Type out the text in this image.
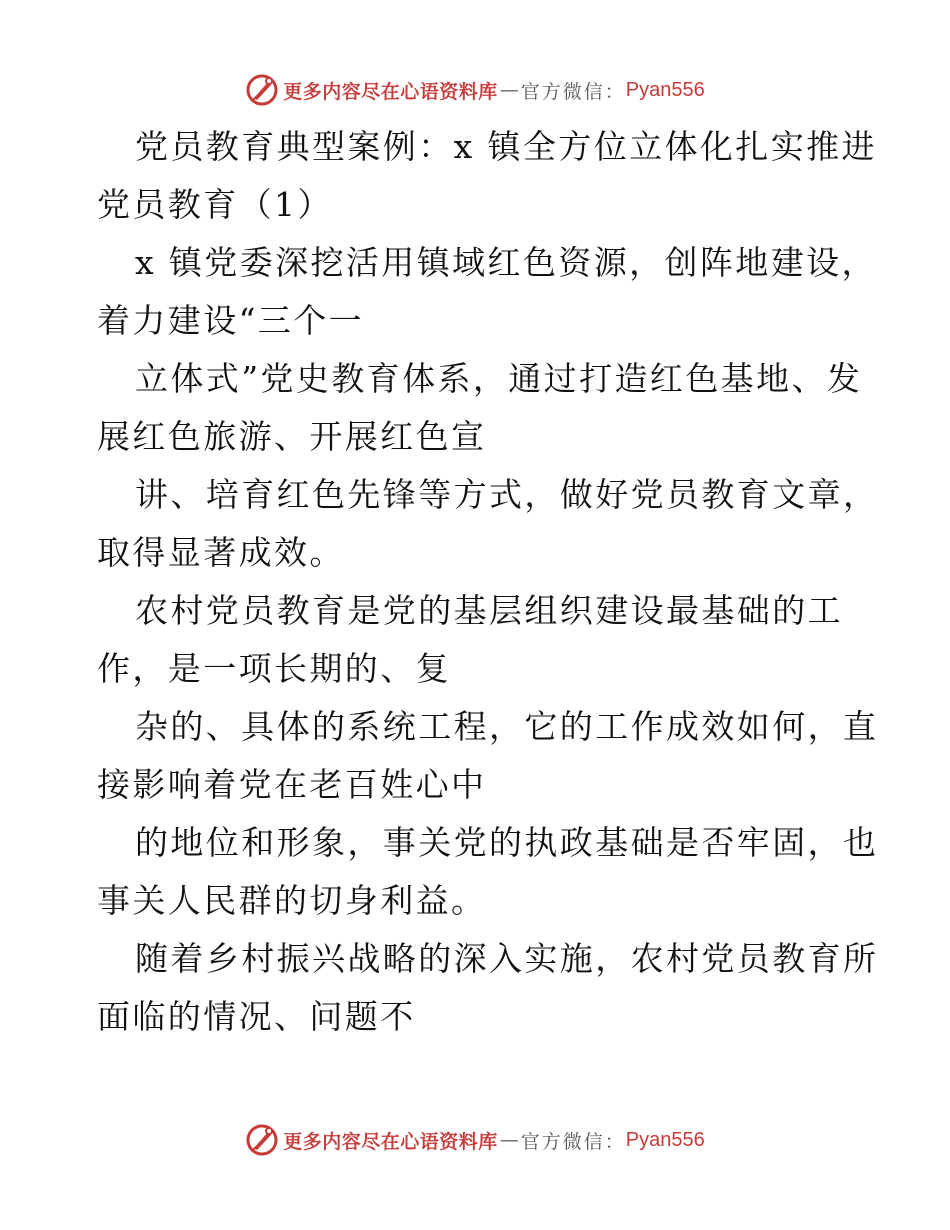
更多内容尽在心语资料库 — 官方微信： Pyan556
党员教育典型案例：x 镇全方位立体化扎实推进
党员教育（1）
x 镇党委深挖活用镇域红色资源，创阵地建设，
着力建设“三个一
立体式”党史教育体系，通过打造红色基地、发
展红色旅游、开展红色宣
讲、培育红色先锋等方式，做好党员教育文章，
取得显著成效。
农村党员教育是党的基层组织建设最基础的工
作，是一项长期的、复
杂的、具体的系统工程，它的工作成效如何，直
接影响着党在老百姓心中
的地位和形象，事关党的执政基础是否牢固，也
事关人民群的切身利益。
随着乡村振兴战略的深入实施，农村党员教育所
面临的情况、问题不
更多内容尽在心语资料库 — 官方微信： Pyan556
